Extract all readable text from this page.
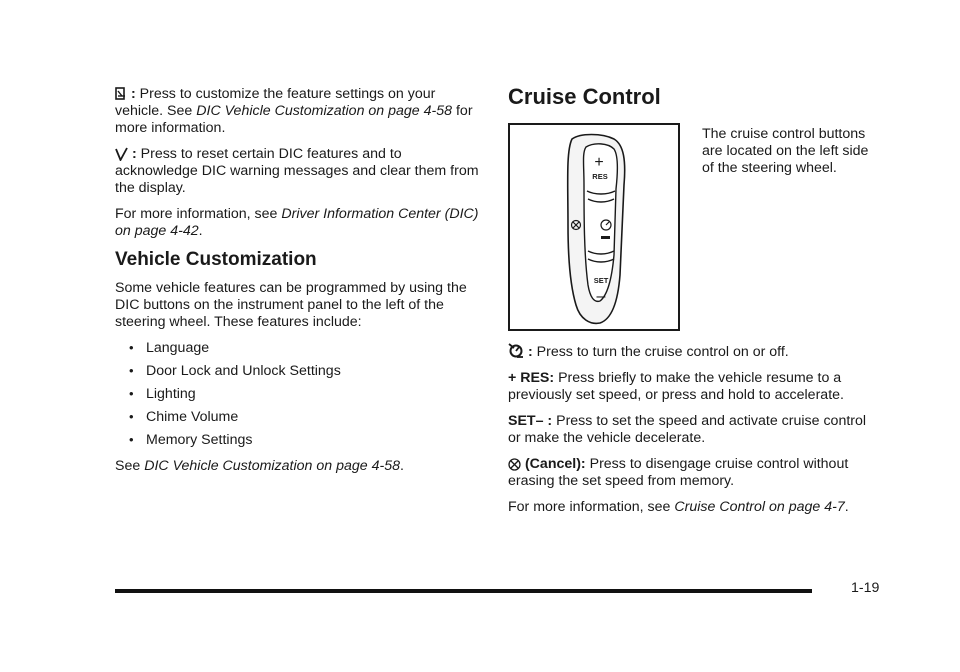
: Press to customize the feature settings on your vehicle. See DIC Vehicle Customization on page 4-58 for more information.

: Press to reset certain DIC features and to acknowledge DIC warning messages and clear them from the display.

For more information, see Driver Information Center (DIC) on page 4-42.

Vehicle Customization

Some vehicle features can be programmed by using the DIC buttons on the instrument panel to the left of the steering wheel. These features include:

• Language
• Door Lock and Unlock Settings
• Lighting
• Chime Volume
• Memory Settings

See DIC Vehicle Customization on page 4-58.

Cruise Control
+
RES
SET
–

The cruise control buttons are located on the left side of the steering wheel.

: Press to turn the cruise control on or off.

+ RES: Press briefly to make the vehicle resume to a previously set speed, or press and hold to accelerate.

SET– : Press to set the speed and activate cruise control or make the vehicle decelerate.

(Cancel): Press to disengage cruise control without erasing the set speed from memory.

For more information, see Cruise Control on page 4-7.

1-19
